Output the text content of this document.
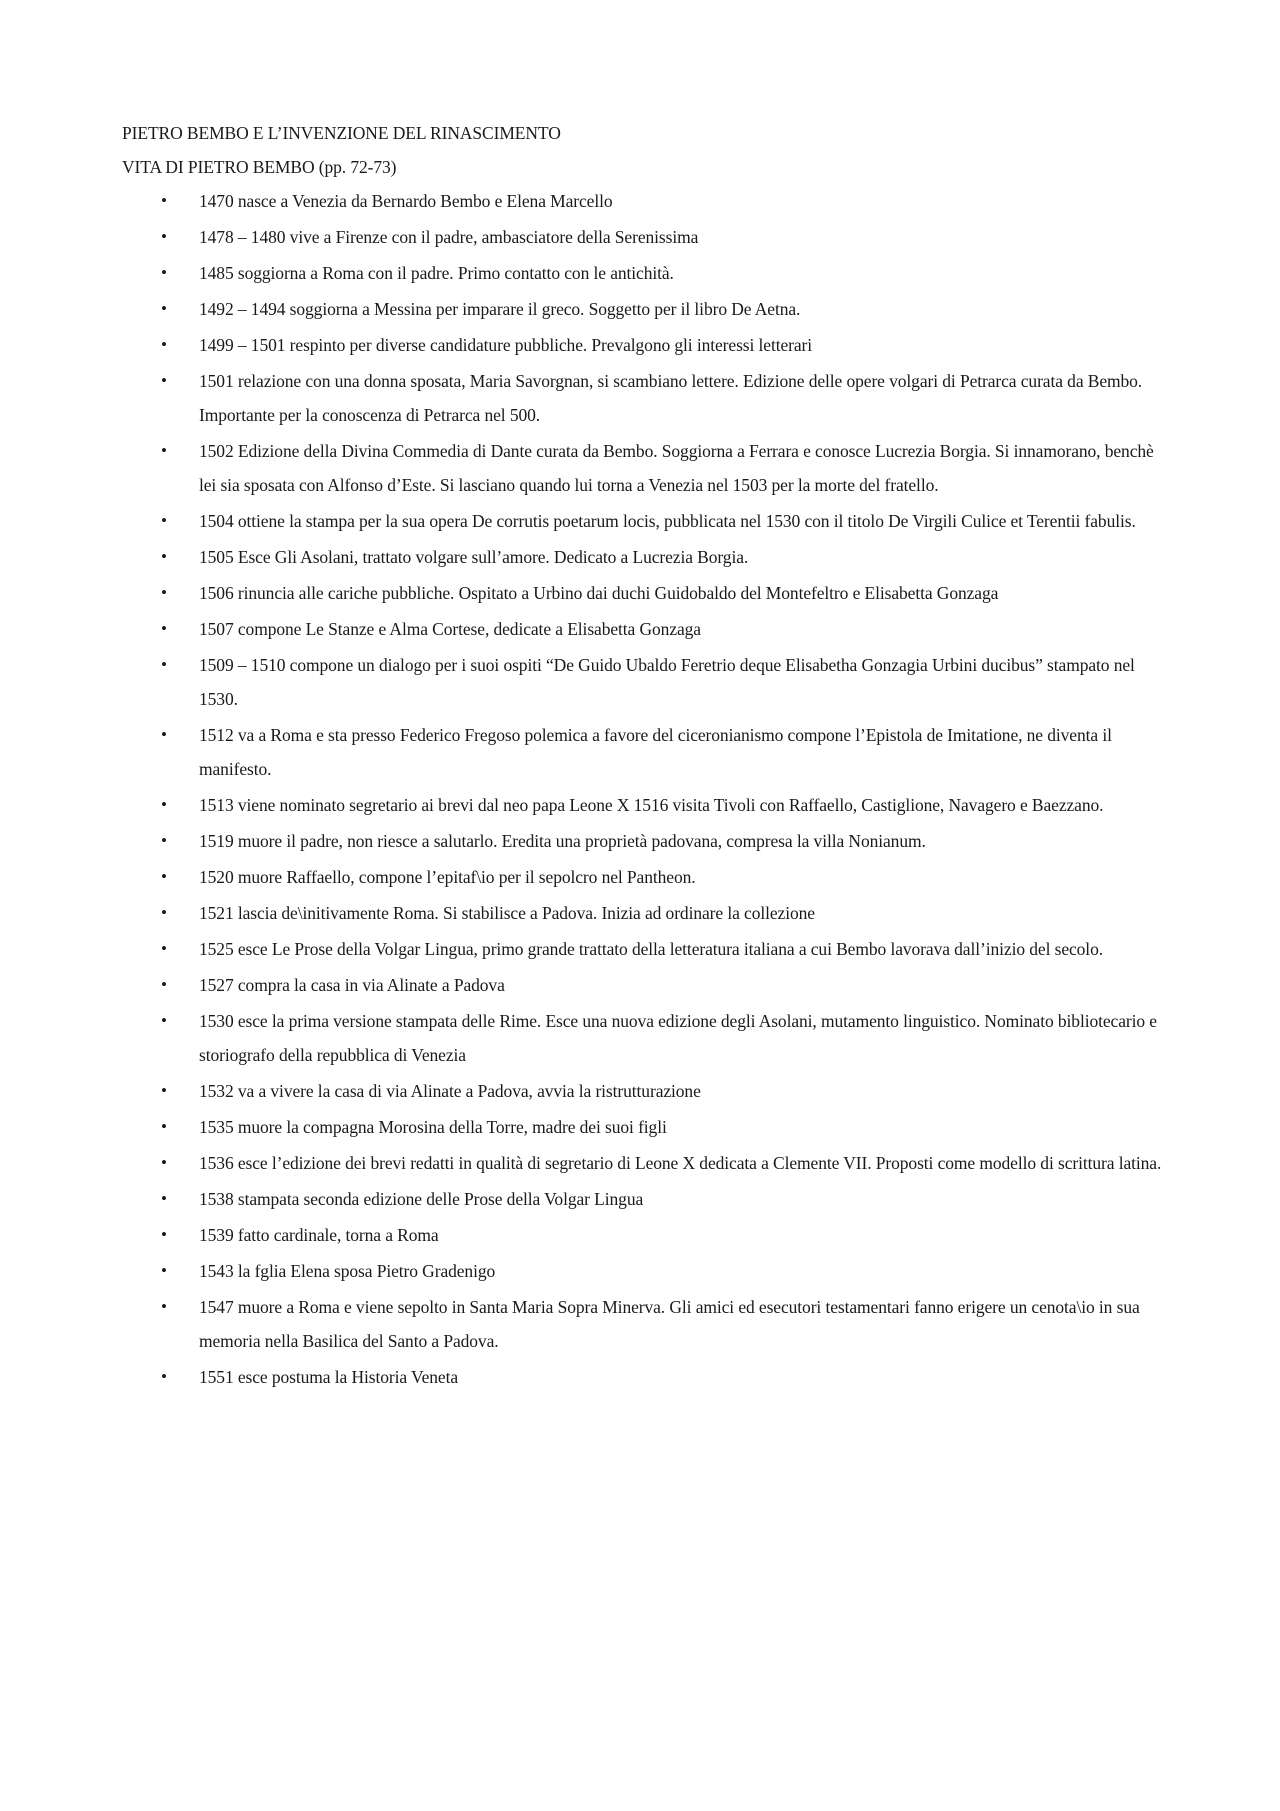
PIETRO BEMBO E L’INVENZIONE DEL RINASCIMENTO
VITA DI PIETRO BEMBO (pp. 72-73)
• 1470 nasce a Venezia da Bernardo Bembo e Elena Marcello
• 1478 – 1480 vive a Firenze con il padre, ambasciatore della Serenissima
• 1485 soggiorna a Roma con il padre. Primo contatto con le antichità.
• 1492 – 1494 soggiorna a Messina per imparare il greco. Soggetto per il libro De Aetna.
• 1499 – 1501 respinto per diverse candidature pubbliche. Prevalgono gli interessi letterari
• 1501 relazione con una donna sposata, Maria Savorgnan, si scambiano lettere. Edizione delle opere volgari di Petrarca curata da Bembo. Importante per la conoscenza di Petrarca nel 500.
• 1502 Edizione della Divina Commedia di Dante curata da Bembo. Soggiorna a Ferrara e conosce Lucrezia Borgia. Si innamorano, benchè lei sia sposata con Alfonso d’Este. Si lasciano quando lui torna a Venezia nel 1503 per la morte del fratello.
• 1504 ottiene la stampa per la sua opera De corrutis poetarum locis, pubblicata nel 1530 con il titolo De Virgili Culice et Terentii fabulis.
• 1505 Esce Gli Asolani, trattato volgare sull’amore. Dedicato a Lucrezia Borgia.
• 1506 rinuncia alle cariche pubbliche. Ospitato a Urbino dai duchi Guidobaldo del Montefeltro e Elisabetta Gonzaga
• 1507 compone Le Stanze e Alma Cortese, dedicate a Elisabetta Gonzaga
• 1509 – 1510 compone un dialogo per i suoi ospiti “De Guido Ubaldo Feretrio deque Elisabetha Gonzagia Urbini ducibus” stampato nel 1530.
• 1512 va a Roma e sta presso Federico Fregoso polemica a favore del ciceronianismo compone l’Epistola de Imitatione, ne diventa il manifesto.
• 1513 viene nominato segretario ai brevi dal neo papa Leone X 1516 visita Tivoli con Raffaello, Castiglione, Navagero e Baezzano.
• 1519 muore il padre, non riesce a salutarlo. Eredita una proprietà padovana, compresa la villa Nonianum.
• 1520 muore Raffaello, compone l’epitaf\io per il sepolcro nel Pantheon.
• 1521 lascia de\initivamente Roma. Si stabilisce a Padova. Inizia ad ordinare la collezione
• 1525 esce Le Prose della Volgar Lingua, primo grande trattato della letteratura italiana a cui Bembo lavorava dall’inizio del secolo.
• 1527 compra la casa in via Alinate a Padova
• 1530 esce la prima versione stampata delle Rime. Esce una nuova edizione degli Asolani, mutamento linguistico. Nominato bibliotecario e storiografo della repubblica di Venezia
• 1532 va a vivere la casa di via Alinate a Padova, avvia la ristrutturazione
• 1535 muore la compagna Morosina della Torre, madre dei suoi figli
• 1536 esce l’edizione dei brevi redatti in qualità di segretario di Leone X dedicata a Clemente VII. Proposti come modello di scrittura latina.
• 1538 stampata seconda edizione delle Prose della Volgar Lingua
• 1539 fatto cardinale, torna a Roma
• 1543 la fglia Elena sposa Pietro Gradenigo
• 1547 muore a Roma e viene sepolto in Santa Maria Sopra Minerva. Gli amici ed esecutori testamentari fanno erigere un cenota\io in sua memoria nella Basilica del Santo a Padova.
• 1551 esce postuma la Historia Veneta
